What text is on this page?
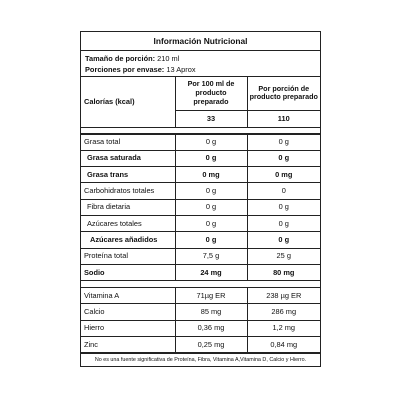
Información Nutricional
Tamaño de porción: 210 ml
Porciones por envase: 13 Aprox
Calorías (kcal)	Por 100 ml de producto preparado	Por porción de producto preparado
	33	110

Grasa total	0 g	0 g
Grasa saturada	0 g	0 g
Grasa trans	0 mg	0 mg
Carbohidratos totales	0 g	0
Fibra dietaria	0 g	0 g
Azúcares totales	0 g	0 g
Azúcares añadidos	0 g	0 g
Proteína total	7,5 g	25 g
Sodio	24 mg	80 mg

Vitamina A	71µg ER	238 µg ER
Calcio	85 mg	286 mg
Hierro	0,36 mg	1,2 mg
Zinc	0,25 mg	0,84 mg
No es una fuente significativa de Proteína, Fibra, Vitamina A,Vitamina D, Calcio y Hierro.
